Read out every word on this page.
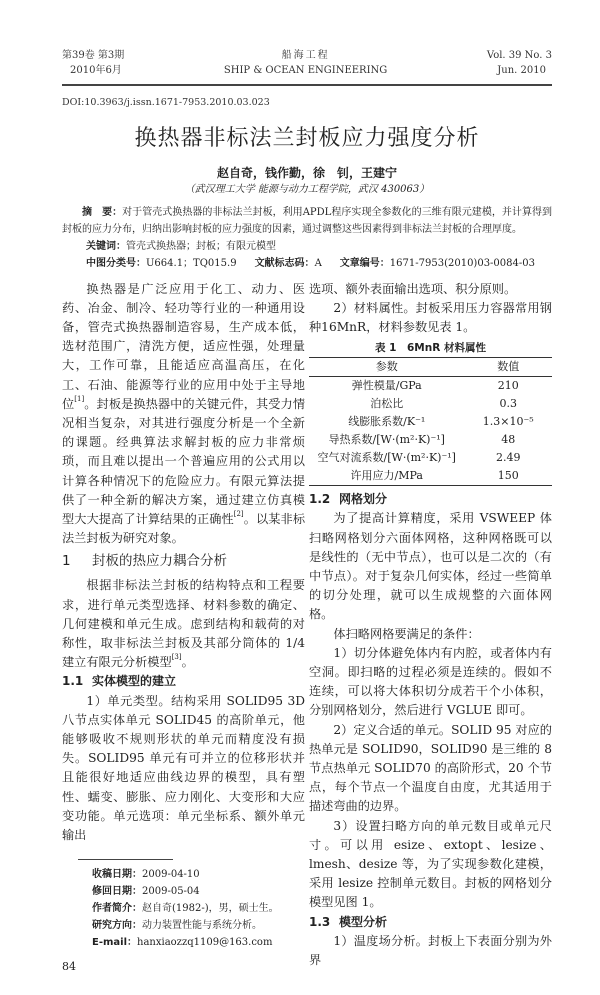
第39卷 第3期
2010年6月
船海工程
SHIP & OCEAN ENGINEERING
Vol. 39 No. 3
Jun. 2010
DOI:10.3963/j.issn.1671-7953.2010.03.023
换热器非标法兰封板应力强度分析
赵自奇，钱作勤，徐　钊，王建宁
（武汉理工大学 能源与动力工程学院，武汉 430063）
摘　要：对于管壳式换热器的非标法兰封板，利用APDL程序实现全参数化的三维有限元建模，并计算得到封板的应力分布，归纳出影响封板的应力强度的因素，通过调整这些因素得到非标法兰封板的合理厚度。
关键词：管壳式换热器；封板；有限元模型
中图分类号：U664.1；TQ015.9 文献标志码：A 文章编号：1671-7953(2010)03-0084-03

换热器是广泛应用于化工、动力、医药、冶金、制冷、轻功等行业的一种通用设备，管壳式换热器制造容易，生产成本低，选材范围广，清洗方便，适应性强，处理量大，工作可靠，且能适应高温高压，在化工、石油、能源等行业的应用中处于主导地位[1]。封板是换热器中的关键元件，其受力情况相当复杂，对其进行强度分析是一个全新的课题。经典算法求解封板的应力非常烦琐，而且难以提出一个普遍应用的公式用以计算各种情况下的危险应力。有限元算法提供了一种全新的解决方案，通过建立仿真模型大大提高了计算结果的正确性[2]。以某非标法兰封板为研究对象。

1 封板的热应力耦合分析

根据非标法兰封板的结构特点和工程要求，进行单元类型选择、材料参数的确定、几何建模和单元生成。虑到结构和载荷的对称性，取非标法兰封板及其部分筒体的 1/4 建立有限元分析模型[3]。

1.1 实体模型的建立

1）单元类型。结构采用 SOLID95 3D 八节点实体单元 SOLID45 的高阶单元，他能够吸收不规则形状的单元而精度没有损失。SOLID95 单元有可并立的位移形状并且能很好地适应曲线边界的模型，具有塑性、蠕变、膨胀、应力刚化、大变形和大应变功能。单元选项：单元坐标系、额外单元输出

收稿日期：2009-04-10
修回日期：2009-05-04
作者简介：赵自奇(1982-)，男，硕士生。
研究方向：动力装置性能与系统分析。
E-mail：hanxiaozzq1109@163.com
84

选项、额外表面输出选项、积分原则。

2）材料属性。封板采用压力容器常用钢种16MnR，材料参数见表 1。

表 1　6MnR 材料属性
参数	数值
弹性模量/GPa	210
泊松比	0.3
线膨胀系数/K⁻¹	1.3×10⁻⁵
导热系数/[W·(m²·K)⁻¹]	48
空气对流系数/[W·(m²·K)⁻¹]	2.49
许用应力/MPa	150
1.2 网格划分

为了提高计算精度，采用 VSWEEP 体扫略网格划分六面体网格，这种网格既可以是线性的（无中节点），也可以是二次的（有中节点）。对于复杂几何实体，经过一些简单的切分处理，就可以生成规整的六面体网格。

体扫略网格要满足的条件：

1）切分体避免体内有内腔，或者体内有空洞。即扫略的过程必须是连续的。假如不连续，可以将大体积切分成若干个小体积，分别网格划分，然后进行 VGLUE 即可。

2）定义合适的单元。SOLID 95 对应的热单元是 SOLID90，SOLID90 是三维的 8 节点热单元 SOLID70 的高阶形式，20 个节点，每个节点一个温度自由度，尤其适用于描述弯曲的边界。

3）设置扫略方向的单元数目或单元尺寸。可以用 esize、extopt、lesize、lmesh、desize 等，为了实现参数化建模，采用 lesize 控制单元数目。封板的网格划分模型见图 1。

1.3 模型分析

1）温度场分析。封板上下表面分别为外界
